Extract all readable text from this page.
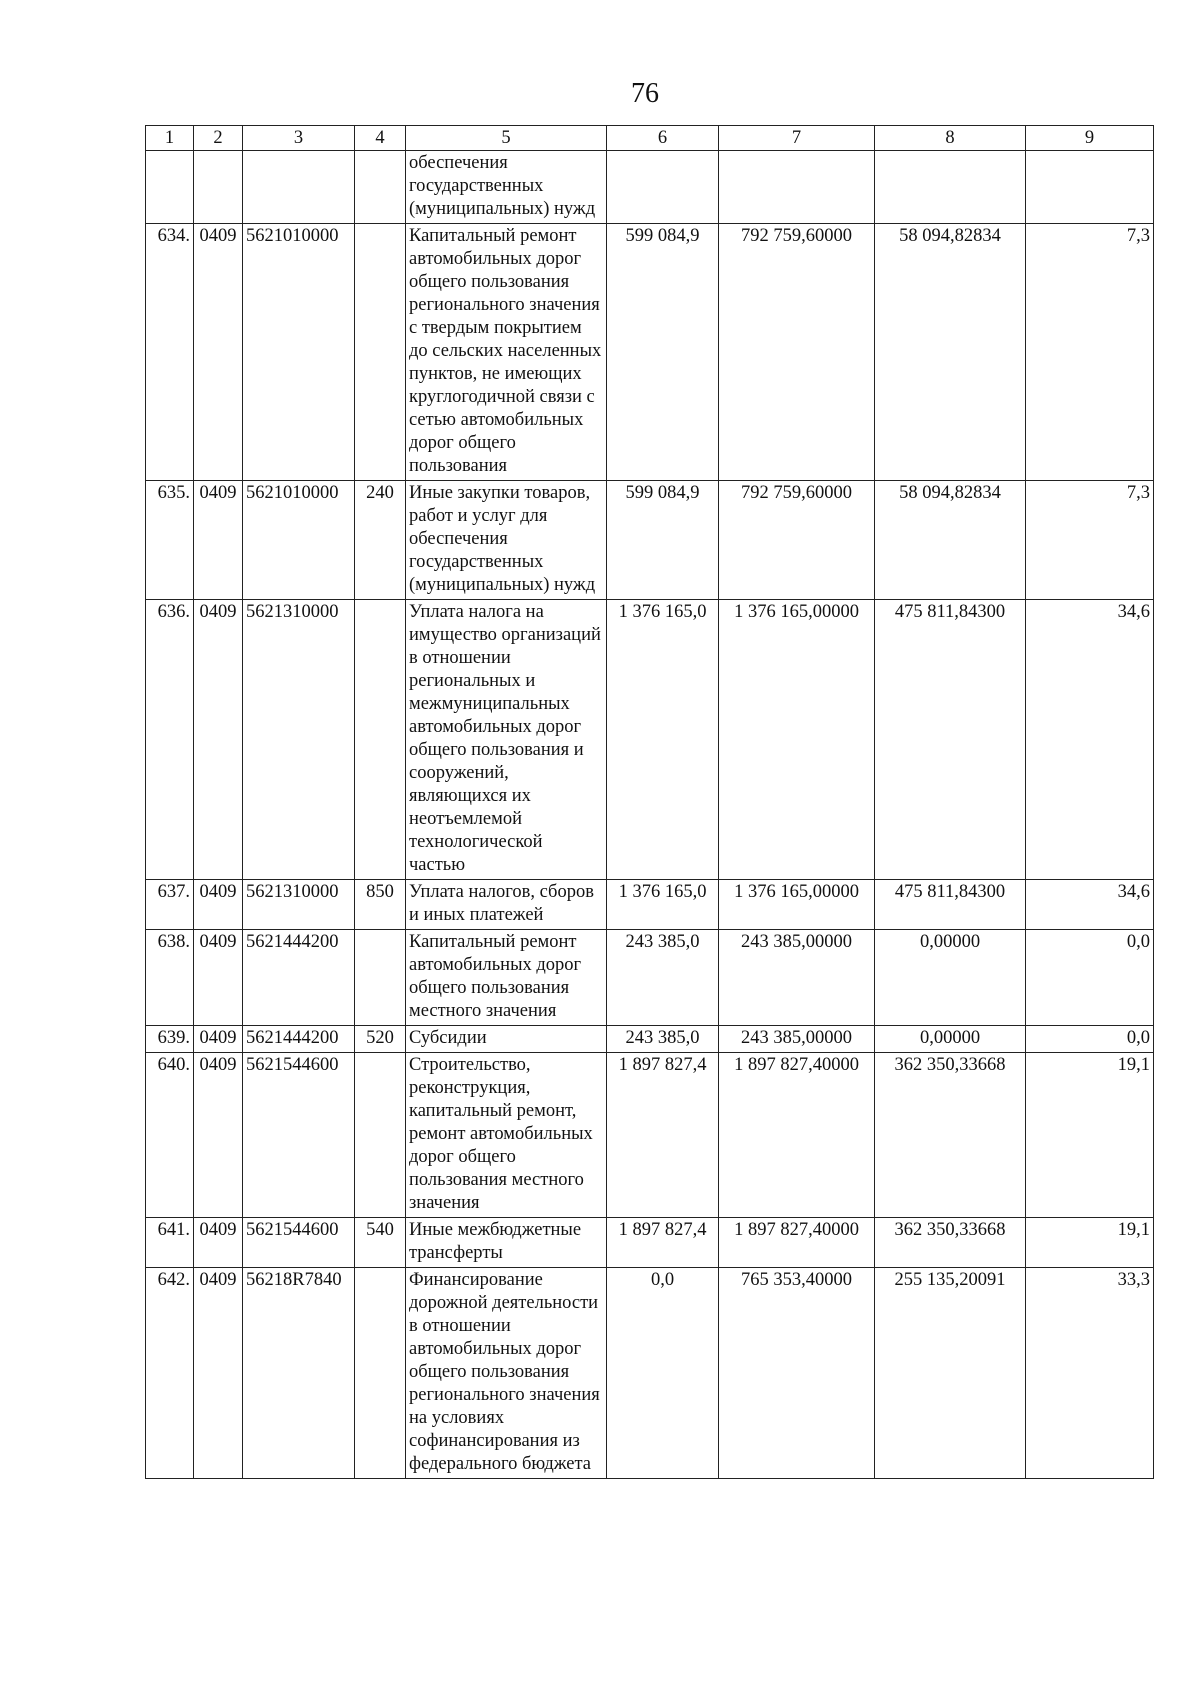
76
1	2	3	4	5	6	7	8	9
				обеспечения государственных (муниципальных) нужд				
634.	0409	5621010000		Капитальный ремонт автомобильных дорог общего пользования регионального значения с твердым покрытием до сельских населенных пунктов, не имеющих круглогодичной связи с сетью автомобильных дорог общего пользования	599 084,9	792 759,60000	58 094,82834	7,3
635.	0409	5621010000	240	Иные закупки товаров, работ и услуг для обеспечения государственных (муниципальных) нужд	599 084,9	792 759,60000	58 094,82834	7,3
636.	0409	5621310000		Уплата налога на имущество организаций в отношении региональных и межмуниципальных автомобильных дорог общего пользования и сооружений, являющихся их неотъемлемой технологической частью	1 376 165,0	1 376 165,00000	475 811,84300	34,6
637.	0409	5621310000	850	Уплата налогов, сборов и иных платежей	1 376 165,0	1 376 165,00000	475 811,84300	34,6
638.	0409	5621444200		Капитальный ремонт автомобильных дорог общего пользования местного значения	243 385,0	243 385,00000	0,00000	0,0
639.	0409	5621444200	520	Субсидии	243 385,0	243 385,00000	0,00000	0,0
640.	0409	5621544600		Строительство, реконструкция, капитальный ремонт, ремонт автомобильных дорог общего пользования местного значения	1 897 827,4	1 897 827,40000	362 350,33668	19,1
641.	0409	5621544600	540	Иные межбюджетные трансферты	1 897 827,4	1 897 827,40000	362 350,33668	19,1
642.	0409	56218R7840		Финансирование дорожной деятельности в отношении автомобильных дорог общего пользования регионального значения на условиях софинансирования из федерального бюджета	0,0	765 353,40000	255 135,20091	33,3
